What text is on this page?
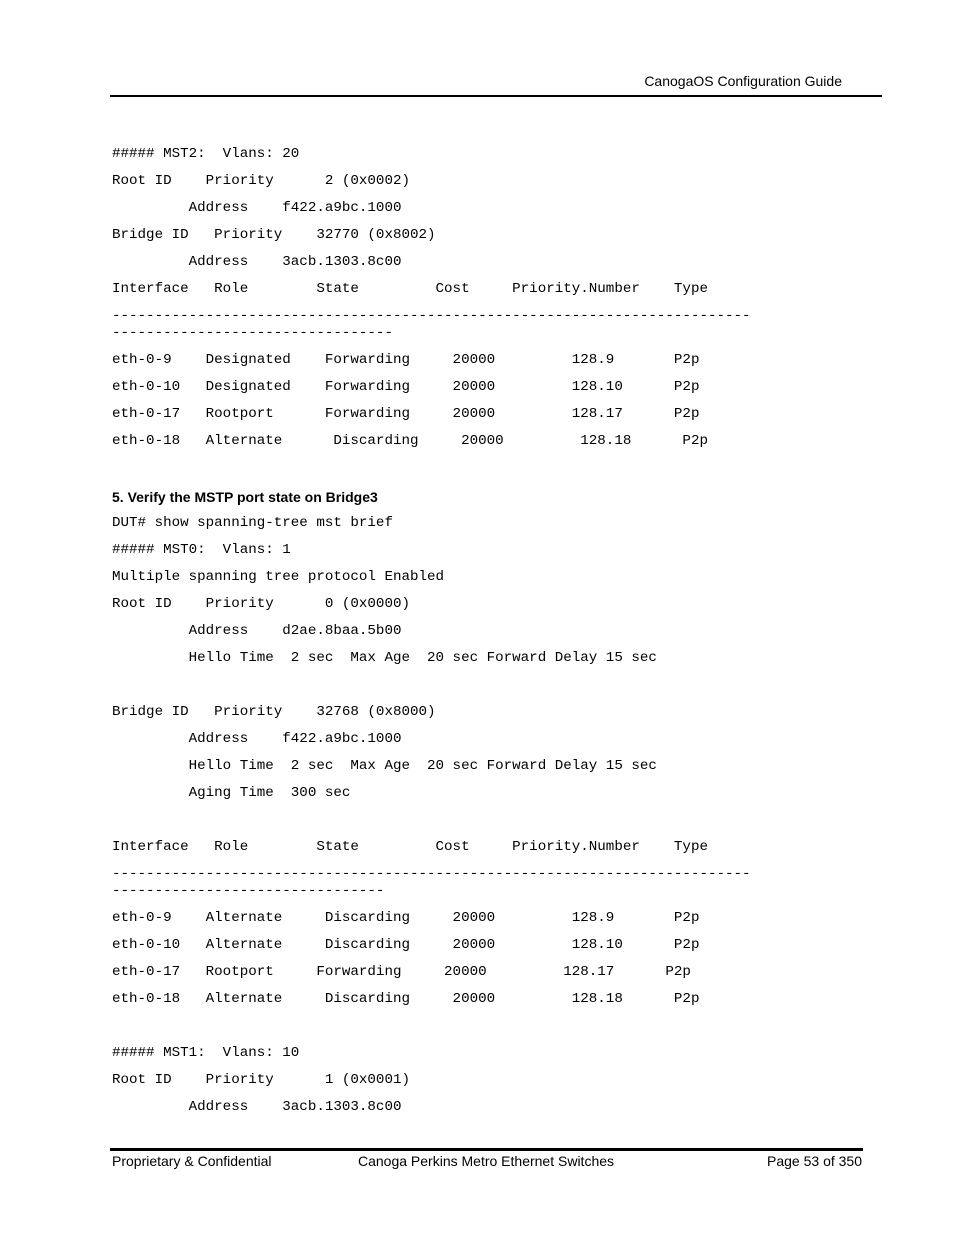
CanogaOS Configuration Guide
##### MST2:  Vlans: 20
Root ID    Priority      2 (0x0002)
Address    f422.a9bc.1000
Bridge ID   Priority    32770 (0x8002)
Address    3acb.1303.8c00
Interface   Role        State         Cost     Priority.Number    Type
---------------------------------------------------------------------------
---------------------------------
eth-0-9    Designated    Forwarding     20000         128.9       P2p
eth-0-10   Designated    Forwarding     20000         128.10      P2p
eth-0-17   Rootport      Forwarding     20000         128.17      P2p
eth-0-18   Alternate      Discarding     20000         128.18      P2p
5. Verify the MSTP port state on Bridge3
DUT# show spanning-tree mst brief
##### MST0:  Vlans: 1
Multiple spanning tree protocol Enabled
Root ID    Priority      0 (0x0000)
Address    d2ae.8baa.5b00
Hello Time  2 sec  Max Age  20 sec Forward Delay 15 sec
Bridge ID   Priority    32768 (0x8000)
Address    f422.a9bc.1000
Hello Time  2 sec  Max Age  20 sec Forward Delay 15 sec
Aging Time  300 sec
Interface   Role        State         Cost     Priority.Number    Type
---------------------------------------------------------------------------
--------------------------------
eth-0-9    Alternate     Discarding     20000         128.9       P2p
eth-0-10   Alternate     Discarding     20000         128.10      P2p
eth-0-17   Rootport     Forwarding     20000         128.17      P2p
eth-0-18   Alternate     Discarding     20000         128.18      P2p
##### MST1:  Vlans: 10
Root ID    Priority      1 (0x0001)
Address    3acb.1303.8c00
Proprietary & Confidential	Canoga Perkins Metro Ethernet Switches	Page 53 of 350
